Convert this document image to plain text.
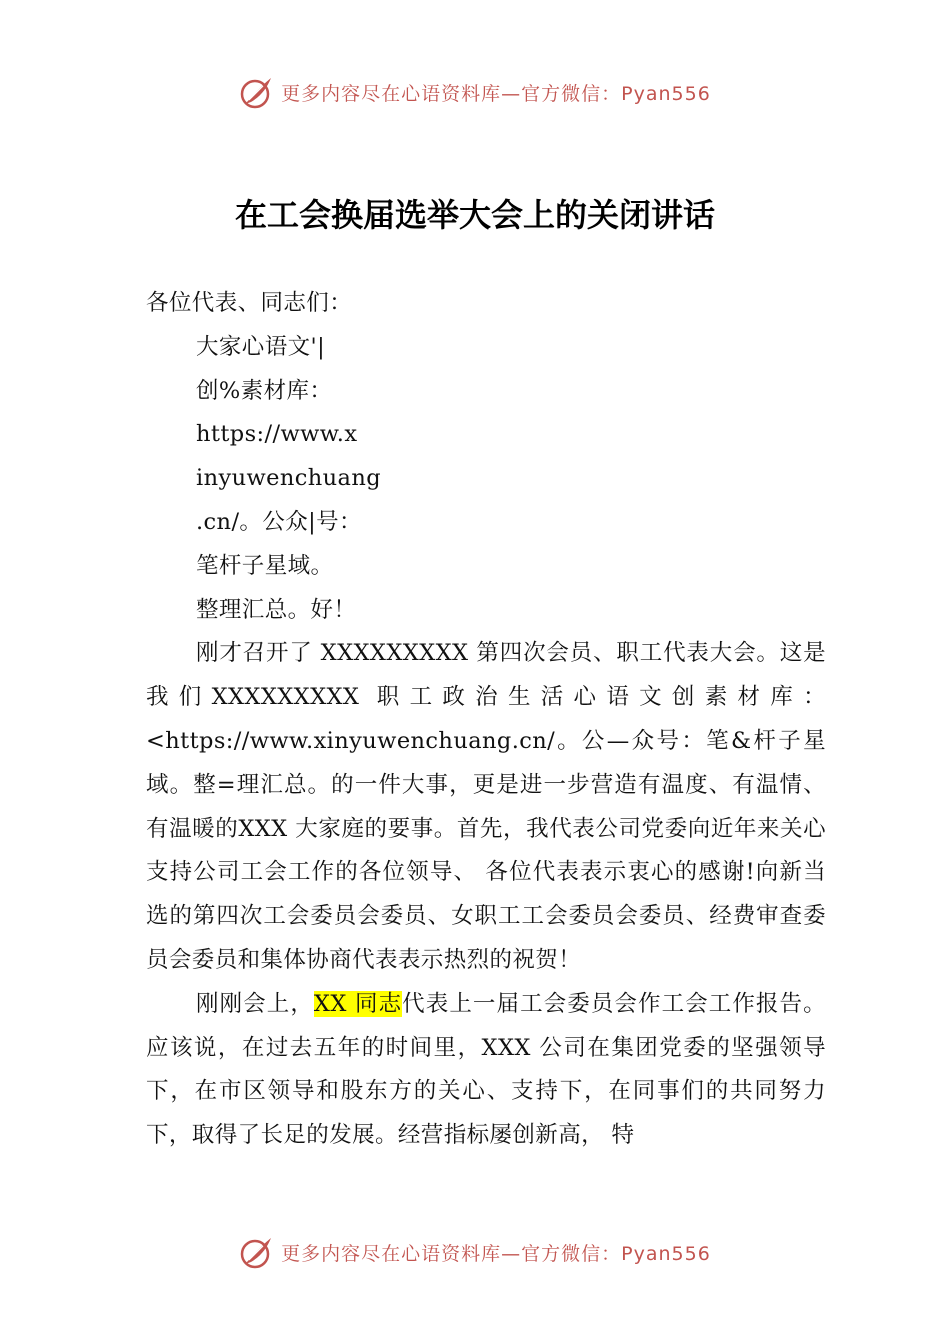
更多内容尽在心语资料库—官方微信：Pyan556
在工会换届选举大会上的关闭讲话

各位代表、同志们：

大家心语文'|

创%素材库：

https://www.x

inyuwenchuang

.cn/。公众|号：

笔杆子星域。

整理汇总。好！

刚才召开了 XXXXXXXXX 第四次会员、职工代表大会。这是我们XXXXXXXXX 职工政治生活心语文创素材库：<https://www.xinyuwenchuang.cn/。公—众号：笔&杆子星域。整=理汇总。的一件大事，更是进一步营造有温度、有温情、有温暖的XXX 大家庭的要事。首先，我代表公司党委向近年来关心支持公司工会工作的各位领导、 各位代表表示衷心的感谢!向新当选的第四次工会委员会委员、女职工工会委员会委员、经费审查委员会委员和集体协商代表表示热烈的祝贺！

刚刚会上，XX 同志代表上一届工会委员会作工会工作报告。应该说，在过去五年的时间里，XXX 公司在集团党委的坚强领导下，在市区领导和股东方的关心、支持下，在同事们的共同努力下，取得了长足的发展。经营指标屡创新高， 特

更多内容尽在心语资料库—官方微信：Pyan556
